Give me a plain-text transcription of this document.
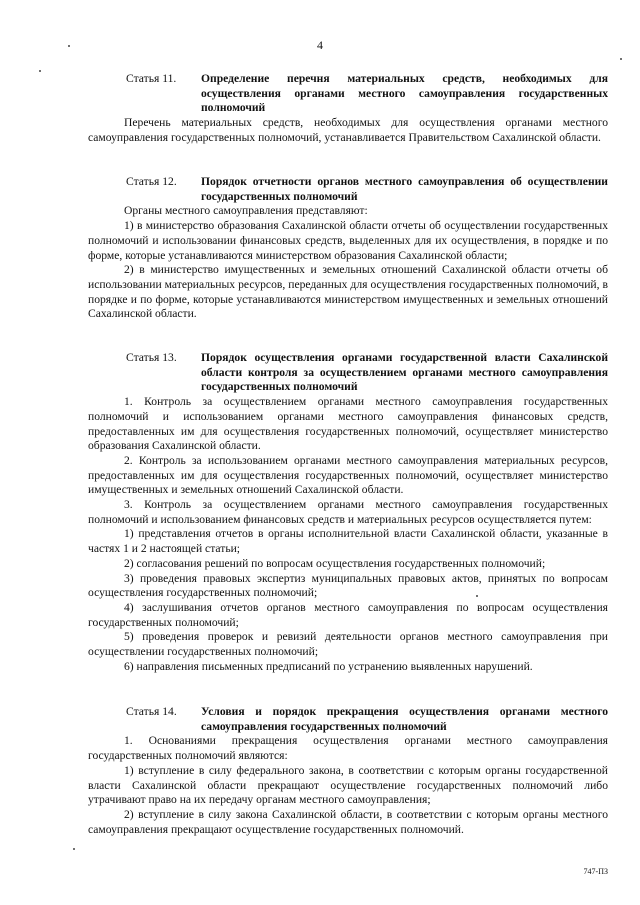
4

Статья 11.	Определение перечня материальных средств, необходимых для осуществления органами местного самоуправления государственных полномочий

Перечень материальных средств, необходимых для осуществления органами местного самоуправления государственных полномочий, устанавливается Правительством Сахалинской области.

Статья 12.	Порядок отчетности органов местного самоуправления об осуществлении государственных полномочий

Органы местного самоуправления представляют:

1) в министерство образования Сахалинской области отчеты об осуществлении государственных полномочий и использовании финансовых средств, выделенных для их осуществления, в порядке и по форме, которые устанавливаются министерством образования Сахалинской области;

2) в министерство имущественных и земельных отношений Сахалинской области отчеты об использовании материальных ресурсов, переданных для осуществления государственных полномочий, в порядке и по форме, которые устанавливаются министерством имущественных и земельных отношений Сахалинской области.

Статья 13.	Порядок осуществления органами государственной власти Сахалинской области контроля за осуществлением органами местного самоуправления государственных полномочий

1. Контроль за осуществлением органами местного самоуправления государственных полномочий и использованием органами местного самоуправления финансовых средств, предоставленных им для осуществления государственных полномочий, осуществляет министерство образования Сахалинской области.

2. Контроль за использованием органами местного самоуправления материальных ресурсов, предоставленных им для осуществления государственных полномочий, осуществляет министерство имущественных и земельных отношений Сахалинской области.

3. Контроль за осуществлением органами местного самоуправления государственных полномочий и использованием финансовых средств и материальных ресурсов осуществляется путем:

1) представления отчетов в органы исполнительной власти Сахалинской области, указанные в частях 1 и 2 настоящей статьи;

2) согласования решений по вопросам осуществления государственных полномочий;

3) проведения правовых экспертиз муниципальных правовых актов, принятых по вопросам осуществления государственных полномочий;

4) заслушивания отчетов органов местного самоуправления по вопросам осуществления государственных полномочий;

5) проведения проверок и ревизий деятельности органов местного самоуправления при осуществлении государственных полномочий;

6) направления письменных предписаний по устранению выявленных нарушений.

Статья 14.	Условия и порядок прекращения осуществления органами местного самоуправления государственных полномочий

1. Основаниями прекращения осуществления органами местного самоуправления государственных полномочий являются:

1) вступление в силу федерального закона, в соответствии с которым органы государственной власти Сахалинской области прекращают осуществление государственных полномочий либо утрачивают право на их передачу органам местного самоуправления;

2) вступление в силу закона Сахалинской области, в соответствии с которым органы местного самоуправления прекращают осуществление государственных полномочий.

747-ПЗ
